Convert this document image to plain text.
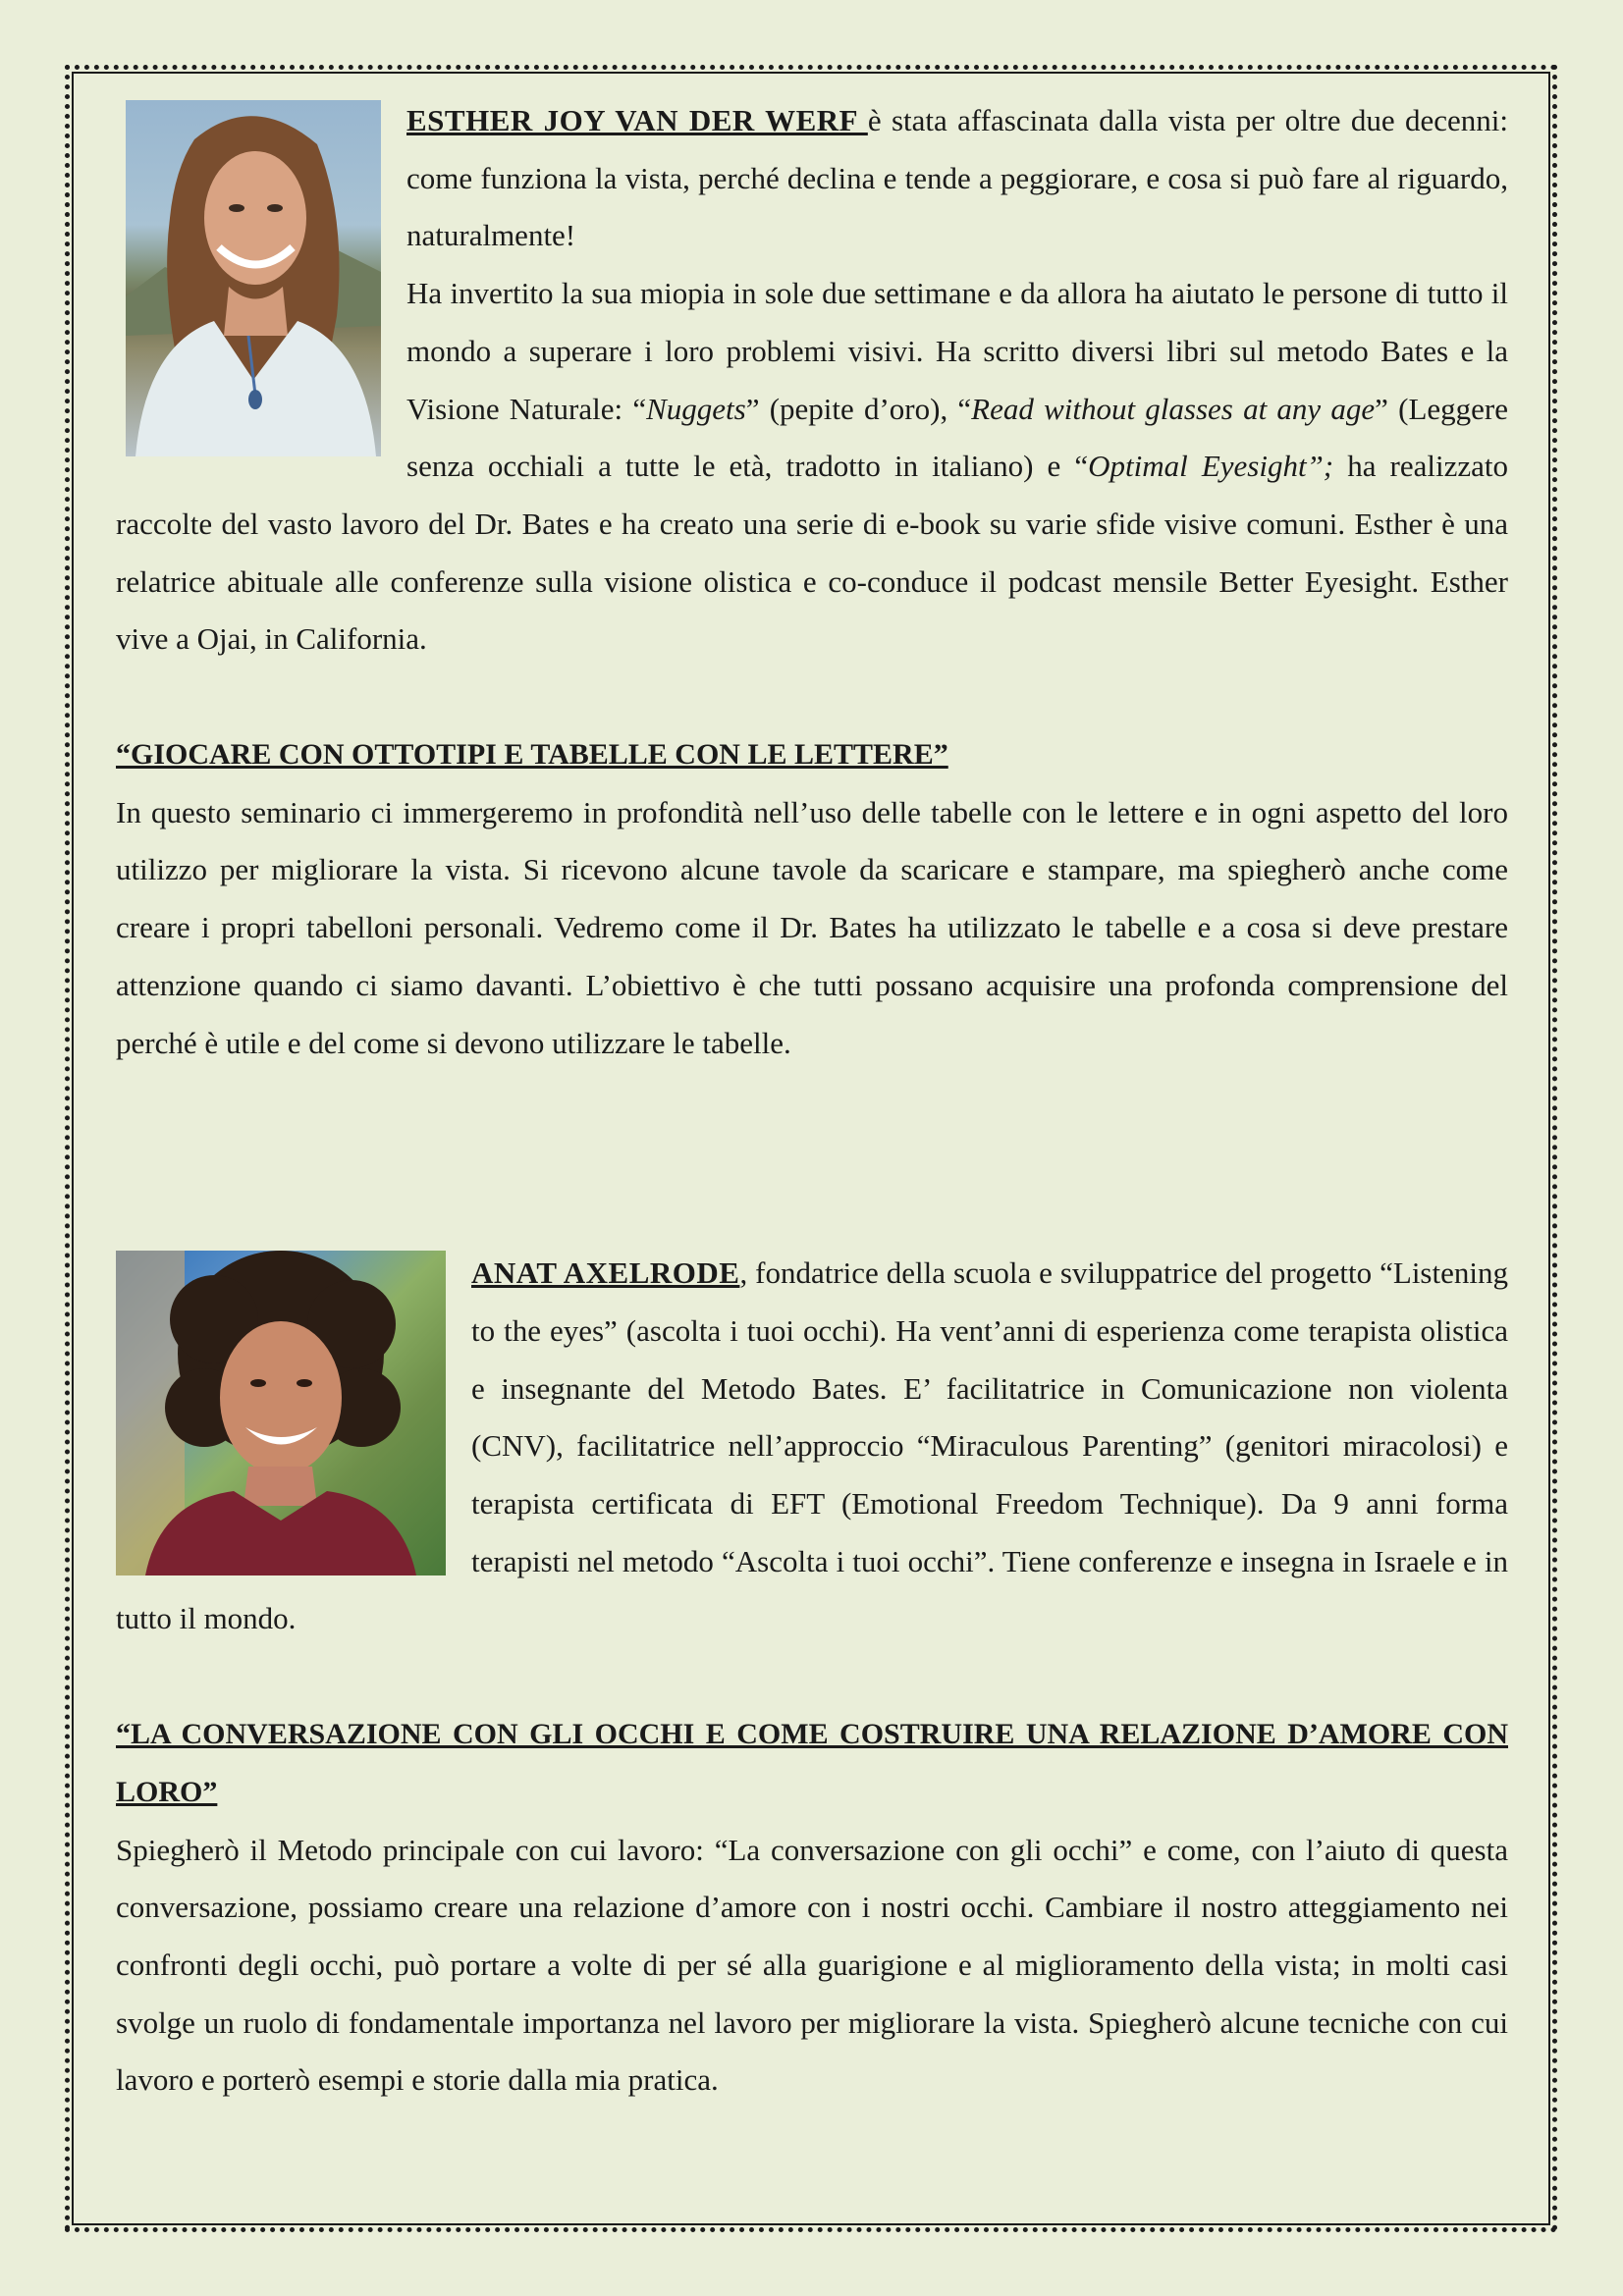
ESTHER JOY VAN DER WERF è stata affascinata dalla vista per oltre due decenni: come funziona la vista, perché declina e tende a peggiorare, e cosa si può fare al riguardo, naturalmente!

Ha invertito la sua miopia in sole due settimane e da allora ha aiutato le persone di tutto il mondo a superare i loro problemi visivi. Ha scritto diversi libri sul metodo Bates e la Visione Naturale: “Nuggets” (pepite d’oro), “Read without glasses at any age” (Leggere senza occhiali a tutte le età, tradotto in italiano) e “Optimal Eyesight”; ha realizzato raccolte del vasto lavoro del Dr. Bates e ha creato una serie di e-book su varie sfide visive comuni. Esther è una relatrice abituale alle conferenze sulla visione olistica e co-conduce il podcast mensile Better Eyesight. Esther vive a Ojai, in California.

“GIOCARE CON OTTOTIPI E TABELLE CON LE LETTERE”

In questo seminario ci immergeremo in profondità nell’uso delle tabelle con le lettere e in ogni aspetto del loro utilizzo per migliorare la vista. Si ricevono alcune tavole da scaricare e stampare, ma spiegherò anche come creare i propri tabelloni personali. Vedremo come il Dr. Bates ha utilizzato le tabelle e a cosa si deve prestare attenzione quando ci siamo davanti. L’obiettivo è che tutti possano acquisire una profonda comprensione del perché è utile e del come si devono utilizzare le tabelle.

ANAT AXELRODE, fondatrice della scuola e sviluppatrice del progetto “Listening to the eyes” (ascolta i tuoi occhi). Ha vent’anni di esperienza come terapista olistica e insegnante del Metodo Bates. E’ facilitatrice in Comunicazione non violenta (CNV), facilitatrice nell’approccio “Miraculous Parenting” (genitori miracolosi) e terapista certificata di EFT (Emotional Freedom Technique). Da 9 anni forma terapisti nel metodo “Ascolta i tuoi occhi”. Tiene conferenze e insegna in Israele e in tutto il mondo.

“LA CONVERSAZIONE CON GLI OCCHI E COME COSTRUIRE UNA RELAZIONE D’AMORE CON LORO”

Spiegherò il Metodo principale con cui lavoro: “La conversazione con gli occhi” e come, con l’aiuto di questa conversazione, possiamo creare una relazione d’amore con i nostri occhi. Cambiare il nostro atteggiamento nei confronti degli occhi, può portare a volte di per sé alla guarigione e al miglioramento della vista; in molti casi svolge un ruolo di fondamentale importanza nel lavoro per migliorare la vista. Spiegherò alcune tecniche con cui lavoro e porterò esempi e storie dalla mia pratica.
